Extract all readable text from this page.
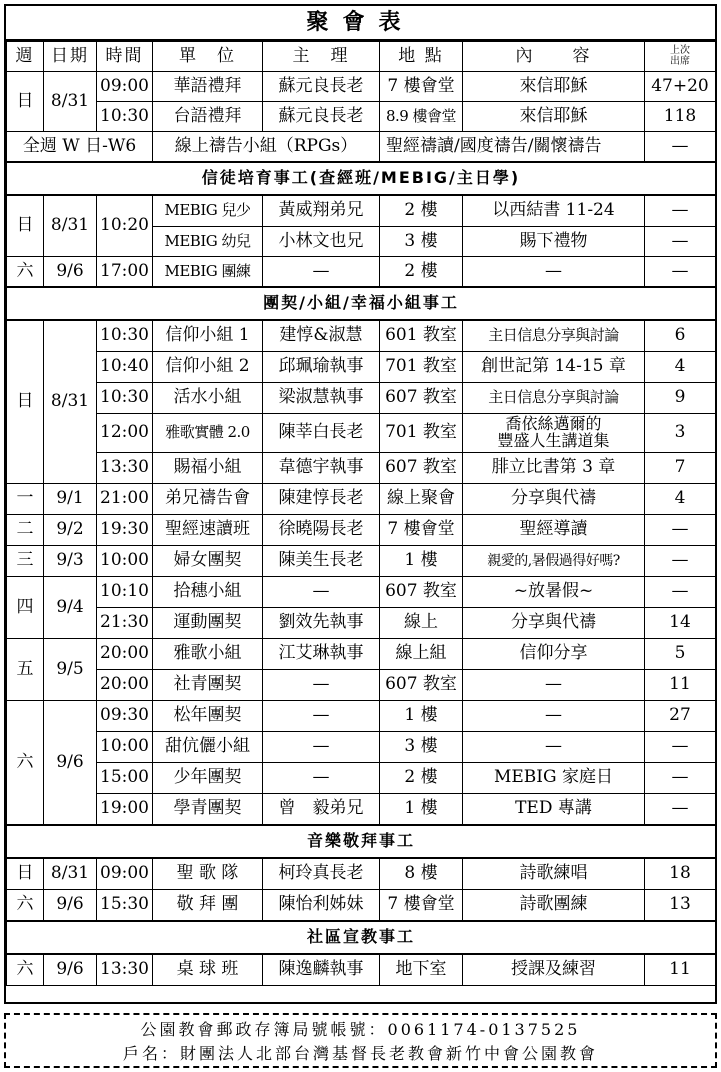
聚會表
週	日期	時間	單　位	主　理	地 點	內　　容	上次
出席
日	8/31	09:00	華語禮拜	蘇元良長老	7 樓會堂	來信耶穌	47+20
		10:30	台語禮拜	蘇元良長老	8.9 樓會堂	來信耶穌	118
全週 W 日-W6			線上禱告小組（RPGs）		聖經禱讀/國度禱告/關懷禱告		—
信徒培育事工(查經班/MEBIG/主日學)							
日	8/31	10:20	MEBIG 兒少	黃威翔弟兄	2 樓	以西結書 11-24	—
			MEBIG 幼兒	小林文也兄	3 樓	賜下禮物	—
六	9/6	17:00	MEBIG 團練	—	2 樓	—	—
團契/小組/幸福小組事工							
日	8/31	10:30	信仰小組 1	建惇&淑慧	601 教室	主日信息分享與討論	6
		10:40	信仰小組 2	邱珮瑜執事	701 教室	創世記第 14-15 章	4
		10:30	活水小組	梁淑慧執事	607 教室	主日信息分享與討論	9
		12:00	雅歌實體 2.0	陳莘白長老	701 教室	喬依絲邁爾的
豐盛人生講道集	3
		13:30	賜福小組	韋德宇執事	607 教室	腓立比書第 3 章	7
一	9/1	21:00	弟兄禱告會	陳建惇長老	線上聚會	分享與代禱	4
二	9/2	19:30	聖經速讀班	徐曉陽長老	7 樓會堂	聖經導讀	—
三	9/3	10:00	婦女團契	陳美生長老	1 樓	親愛的,暑假過得好嗎?	—
四	9/4	10:10	拾穗小組	—	607 教室	~放暑假~	—
		21:30	運動團契	劉效先執事	線上	分享與代禱	14
五	9/5	20:00	雅歌小組	江艾琳執事	線上組	信仰分享	5
		20:00	社青團契	—	607 教室	—	11
六	9/6	09:30	松年團契	—	1 樓	—	27
		10:00	甜伉儷小組	—	3 樓	—	—
		15:00	少年團契	—	2 樓	MEBIG 家庭日	—
		19:00	學青團契	曾　毅弟兄	1 樓	TED 專講	—
音樂敬拜事工							
日	8/31	09:00	聖 歌 隊	柯玲真長老	8 樓	詩歌練唱	18
六	9/6	15:30	敬 拜 團	陳怡利姊妹	7 樓會堂	詩歌團練	13
社區宣教事工							
六	9/6	13:30	桌 球 班	陳逸麟執事	地下室	授課及練習	11
公園教會郵政存簿局號帳號：0061174-0137525
戶名：財團法人北部台灣基督長老教會新竹中會公園教會
